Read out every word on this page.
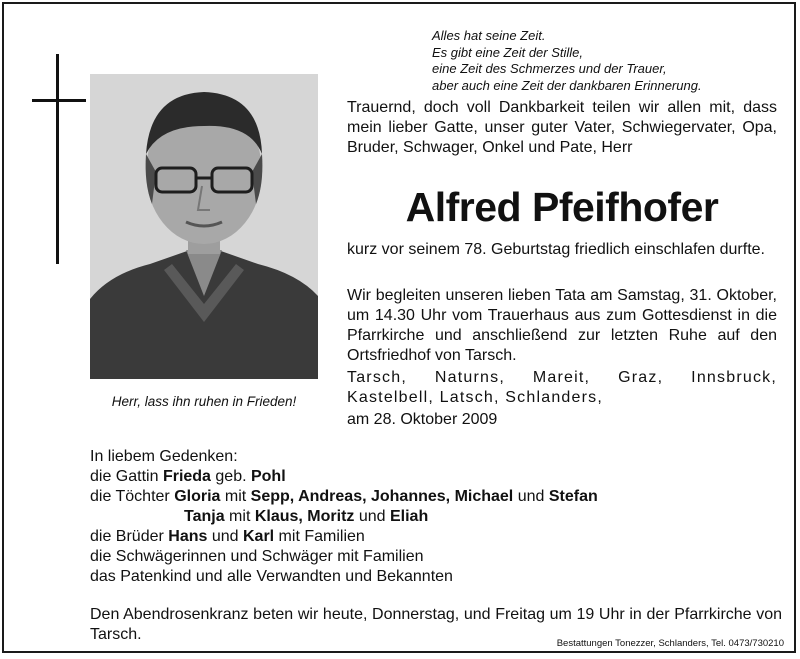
Alles hat seine Zeit.
Es gibt eine Zeit der Stille,
eine Zeit des Schmerzes und der Trauer,
aber auch eine Zeit der dankbaren Erinnerung.

Herr, lass ihn ruhen in Frieden!

Trauernd, doch voll Dankbarkeit teilen wir allen mit, dass mein lieber Gatte, unser guter Vater, Schwiegervater, Opa, Bruder, Schwager, Onkel und Pate, Herr

Alfred Pfeifhofer

kurz vor seinem 78. Geburtstag friedlich einschlafen durfte.

Wir begleiten unseren lieben Tata am Samstag, 31. Oktober, um 14.30 Uhr vom Trauerhaus aus zum Gottesdienst in die Pfarrkirche und anschließend zur letzten Ruhe auf den Ortsfriedhof von Tarsch.

Tarsch, Naturns, Mareit, Graz, Innsbruck, Kastelbell, Latsch, Schlanders,

am 28. Oktober 2009

In liebem Gedenken:
die Gattin Frieda geb. Pohl
die Töchter Gloria mit Sepp, Andreas, Johannes, Michael und Stefan
Tanja mit Klaus, Moritz und Eliah
die Brüder Hans und Karl mit Familien
die Schwägerinnen und Schwäger mit Familien
das Patenkind und alle Verwandten und Bekannten

Den Abendrosenkranz beten wir heute, Donnerstag, und Freitag um 19 Uhr in der Pfarrkirche von Tarsch.

Bestattungen Tonezzer, Schlanders, Tel. 0473/730210
